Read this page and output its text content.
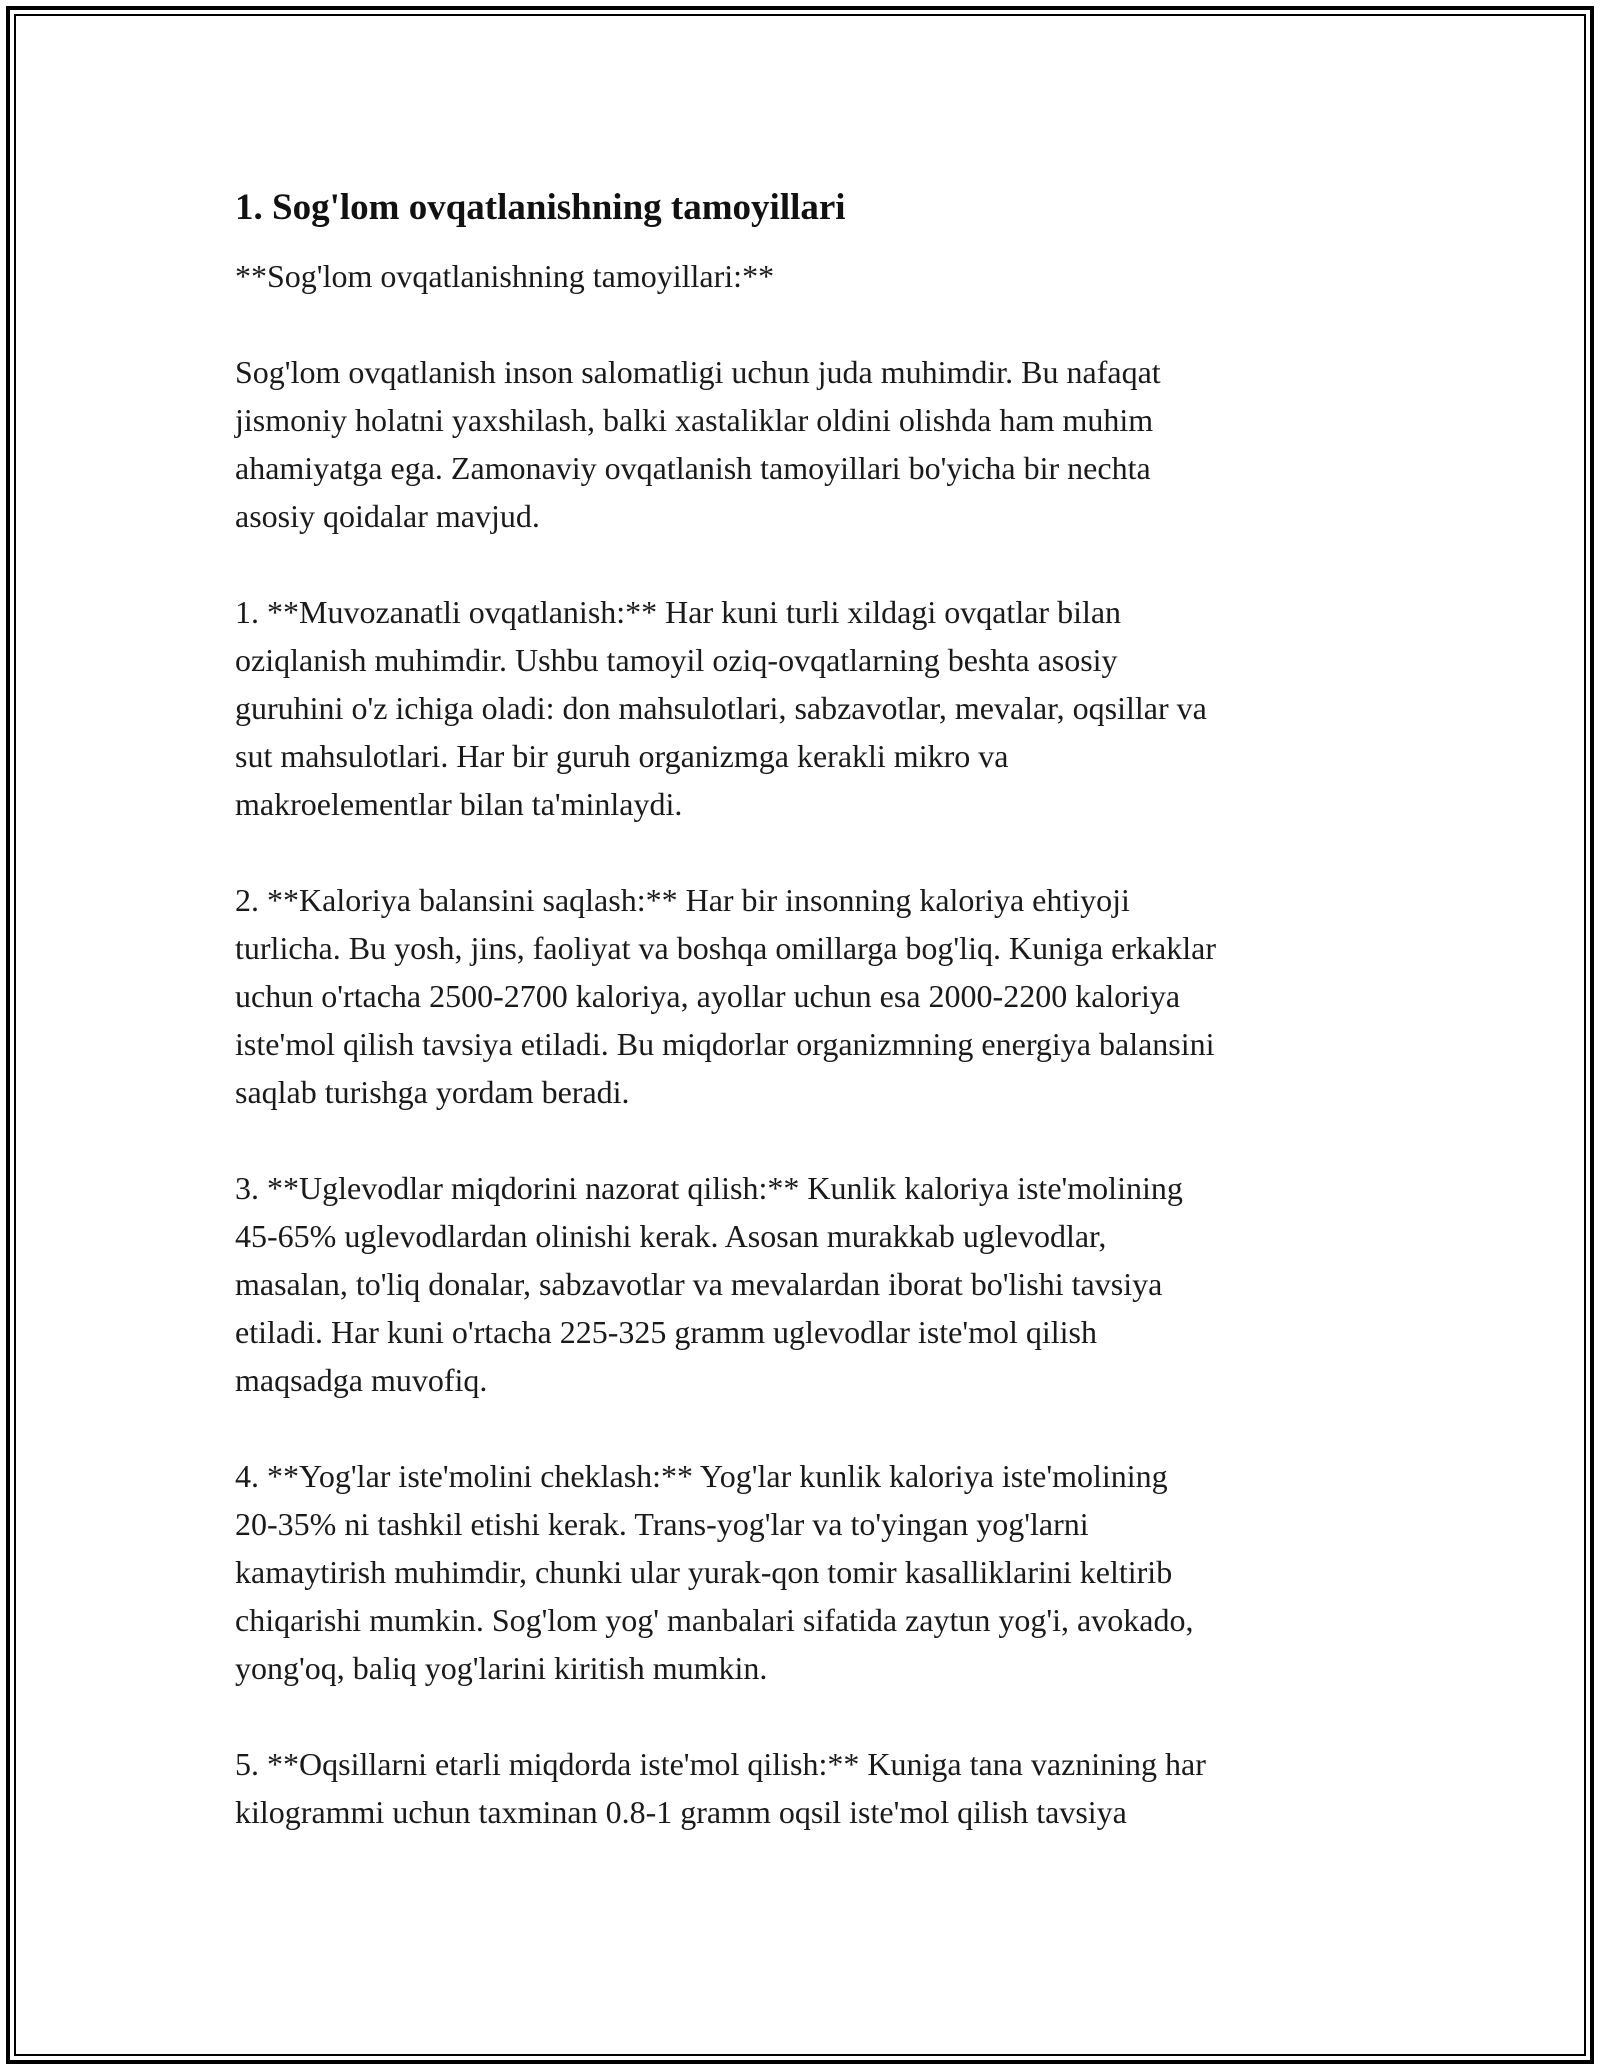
1. Sog'lom ovqatlanishning tamoyillari

**Sog'lom ovqatlanishning tamoyillari:**

Sog'lom ovqatlanish inson salomatligi uchun juda muhimdir. Bu nafaqat
jismoniy holatni yaxshilash, balki xastaliklar oldini olishda ham muhim
ahamiyatga ega. Zamonaviy ovqatlanish tamoyillari bo'yicha bir nechta
asosiy qoidalar mavjud.

1. **Muvozanatli ovqatlanish:** Har kuni turli xildagi ovqatlar bilan
oziqlanish muhimdir. Ushbu tamoyil oziq-ovqatlarning beshta asosiy
guruhini o'z ichiga oladi: don mahsulotlari, sabzavotlar, mevalar, oqsillar va
sut mahsulotlari. Har bir guruh organizmga kerakli mikro va
makroelementlar bilan ta'minlaydi.

2. **Kaloriya balansini saqlash:** Har bir insonning kaloriya ehtiyoji
turlicha. Bu yosh, jins, faoliyat va boshqa omillarga bog'liq. Kuniga erkaklar
uchun o'rtacha 2500-2700 kaloriya, ayollar uchun esa 2000-2200 kaloriya
iste'mol qilish tavsiya etiladi. Bu miqdorlar organizmning energiya balansini
saqlab turishga yordam beradi.

3. **Uglevodlar miqdorini nazorat qilish:** Kunlik kaloriya iste'molining
45-65% uglevodlardan olinishi kerak. Asosan murakkab uglevodlar,
masalan, to'liq donalar, sabzavotlar va mevalardan iborat bo'lishi tavsiya
etiladi. Har kuni o'rtacha 225-325 gramm uglevodlar iste'mol qilish
maqsadga muvofiq.

4. **Yog'lar iste'molini cheklash:** Yog'lar kunlik kaloriya iste'molining
20-35% ni tashkil etishi kerak. Trans-yog'lar va to'yingan yog'larni
kamaytirish muhimdir, chunki ular yurak-qon tomir kasalliklarini keltirib
chiqarishi mumkin. Sog'lom yog' manbalari sifatida zaytun yog'i, avokado,
yong'oq, baliq yog'larini kiritish mumkin.

5. **Oqsillarni etarli miqdorda iste'mol qilish:** Kuniga tana vaznining har
kilogrammi uchun taxminan 0.8-1 gramm oqsil iste'mol qilish tavsiya
